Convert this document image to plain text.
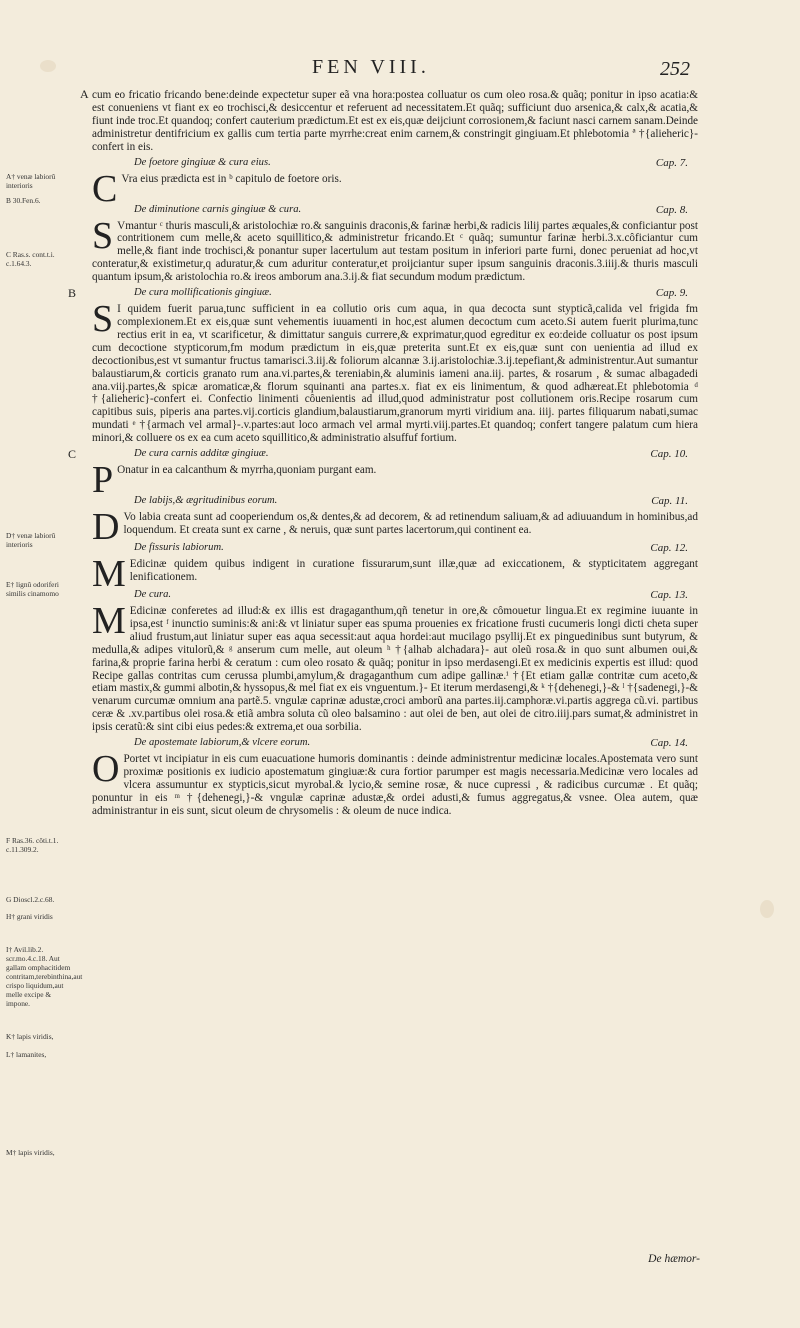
FEN VIII.	252
A† venæ labiorũ interioris
B 30.Fen.6.
C Ras.s. cont.t.i. c.1.64.3.
D† venæ labiorũ interioris
E† lignũ odoriferi similis cinamomo
F Ras.36. cõti.t.1. c.11.309.2.
G Dioscl.2.c.68.
H† grani viridis
I† Avil.lib.2. scr.mo.4.c.18. Aut gallam omphacitidem contritam,terebinthina,aut crispo liquidum,aut melle excipe & impone.
K† lapis viridis,
L† lamanites,
M† lapis viridis,

A cum eo fricatio fricando bene:deinde expectetur super eã vna hora:postea colluatur os cum oleo rosa.& quãq; ponitur in ipso acatia:& est conueniens vt fiant ex eo trochisci,& desiccentur et referuent ad necessitatem.Et quãq; sufficiunt duo arsenica,& calx,& acatia,& fiunt inde troc.Et quandoq; confert cauterium prædictum.Et est ex eis,quæ deijciunt corrosionem,& faciunt nasci carnem sanam.Deinde administretur dentifricium ex gallis cum tertia parte myrrhe:creat enim carnem,& constringit gingiuam.Et phlebotomia ª †{alieheric}- confert in eis.

De foetore gingiuæ & cura eius.	Cap. 7.

C Vra eius prædicta est in ᵇ capitulo de foetore oris.

De diminutione carnis gingiuæ & cura.	Cap. 8.

S Vmantur ᶜ thuris masculi,& aristolochiæ ro.& sanguinis draconis,& farinæ herbi,& radicis lilij partes æquales,& conficiantur post contritionem cum melle,& aceto squillitico,& administretur fricando.Et ᶜ quãq; sumuntur farinæ herbi.3.x.côficiantur cum melle,& fiant inde trochisci,& ponantur super lacertulum aut testam positum in inferiori parte furni, donec perueniat ad hoc,vt conteratur,& existimetur,q aduratur,& cum aduritur conteratur,et proijciantur super ipsum sanguinis draconis.3.iiij.& thuris masculi quantum ipsum,& aristolochia ro.& ireos amborum ana.3.ij.& fiat secundum modum prædictum.

B	De cura mollificationis gingiuæ.	Cap. 9.

S I quidem fuerit parua,tunc sufficient in ea collutio oris cum aqua, in qua decocta sunt stypticã,calida vel frigida fm complexionem.Et ex eis,quæ sunt vehementis iuuamenti in hoc,est alumen decoctum cum aceto.Si autem fuerit plurima,tunc rectius erit in ea, vt scarificetur, & dimittatur sanguis currere,& exprimatur,quod egreditur ex eo:deide colluatur os post ipsum cum decoctione stypticorum,fm modum prædictum in eis,quæ preterita sunt.Et ex eis,quæ sunt con uenientia ad illud ex decoctionibus,est vt sumantur fructus tamarisci.3.iij.& foliorum alcannæ 3.ij.aristolochiæ.3.ij.tepefiant,& administrentur.Aut sumantur balaustiarum,& corticis granato rum ana.vi.partes,& tereniabin,& aluminis iameni ana.iij. partes, & rosarum , & sumac albagadedi ana.viij.partes,& spicæ aromaticæ,& florum squinanti ana partes.x. fiat ex eis linimentum, & quod adhæreat.Et phlebotomia ᵈ †{alieheric}-confert ei. Confectio linimenti côuenientis ad illud,quod administratur post collutionem oris.Recipe rosarum cum capitibus suis, piperis ana partes.vij.corticis glandium,balaustiarum,granorum myrti viridium ana. iiij. partes filiquarum nabati,sumac mundati ᵉ †{armach vel armal}-.v.partes:aut loco armach vel armal myrti.viij.partes.Et quandoq; confert tangere palatum cum hiera minori,& colluere os ex ea cum aceto squillitico,& administratio alsuffuf fortium.

C	De cura carnis additæ gingiuæ.	Cap. 10.

P Onatur in ea calcanthum & myrrha,quoniam purgant eam.

De labijs,& ægritudinibus eorum.	Cap. 11.

D Vo labia creata sunt ad cooperiendum os,& dentes,& ad decorem, & ad retinendum saliuam,& ad adiuuandum in hominibus,ad loquendum. Et creata sunt ex carne , & neruis, quæ sunt partes lacertorum,qui continent ea.

De fissuris labiorum.	Cap. 12.

M Edicinæ quidem quibus indigent in curatione fissurarum,sunt illæ,quæ ad exiccationem, & stypticitatem aggregant lenificationem.

De cura.	Cap. 13.

M Edicinæ conferetes ad illud:& ex illis est dragaganthum,qñ tenetur in ore,& cômouetur lingua.Et ex regimine iuuante in ipsa,est ᶠ inunctio suminis:& ani:& vt liniatur super eas spuma prouenies ex fricatione frusti cucumeris longi dicti cheta super aliud frustum,aut liniatur super eas aqua secessit:aut aqua hordei:aut mucilago psyllij.Et ex pinguedinibus sunt butyrum, & medulla,& adipes vitulorũ,& ᵍ anserum cum melle, aut oleum ʰ †{alhab alchadara}- aut oleũ rosa.& in quo sunt albumen oui,& farina,& proprie farina herbi & ceratum : cum oleo rosato & quãq; ponitur in ipso merdasengi.Et ex medicinis expertis est illud: quod Recipe gallas contritas cum cerussa plumbi,amylum,& dragaganthum cum adipe gallinæ.ⁱ †{Et etiam gallæ contritæ cum aceto,& etiam mastix,& gummi albotin,& hyssopus,& mel fiat ex eis vnguentum.}- Et iterum merdasengi,& ᵏ †{dehenegi,}-& ˡ †{sadenegi,}-& venarum curcumæ omnium ana partẽ.5. vngulæ caprinæ adustæ,croci amborũ ana partes.iij.camphoræ.vi.partis aggrega cũ.vi. partibus ceræ & .xv.partibus olei rosa.& etiã ambra soluta cũ oleo balsamino : aut olei de ben, aut olei de citro.iiij.pars sumat,& administret in ipsis ceratũ:& sint cibi eius pedes:& extrema,et oua sorbilia.

De apostemate labiorum,& vlcere eorum.	Cap. 14.

O Portet vt incipiatur in eis cum euacuatione humoris dominantis : deinde administrentur medicinæ locales.Apostemata vero sunt proximæ positionis ex iudicio apostematum gingiuæ:& cura fortior parumper est magis necessaria.Medicinæ vero locales ad vlcera assumuntur ex stypticis,sicut myrobal.& lycio,& semine rosæ, & nuce cupressi , & radicibus curcumæ . Et quãq; ponuntur in eis ᵐ †{dehenegi,}-& vngulæ caprinæ adustæ,& ordei adusti,& fumus aggregatus,& vsnee. Olea autem, quæ administrantur in eis sunt, sicut oleum de chrysomelis : & oleum de nuce indica.

De hæmor-
